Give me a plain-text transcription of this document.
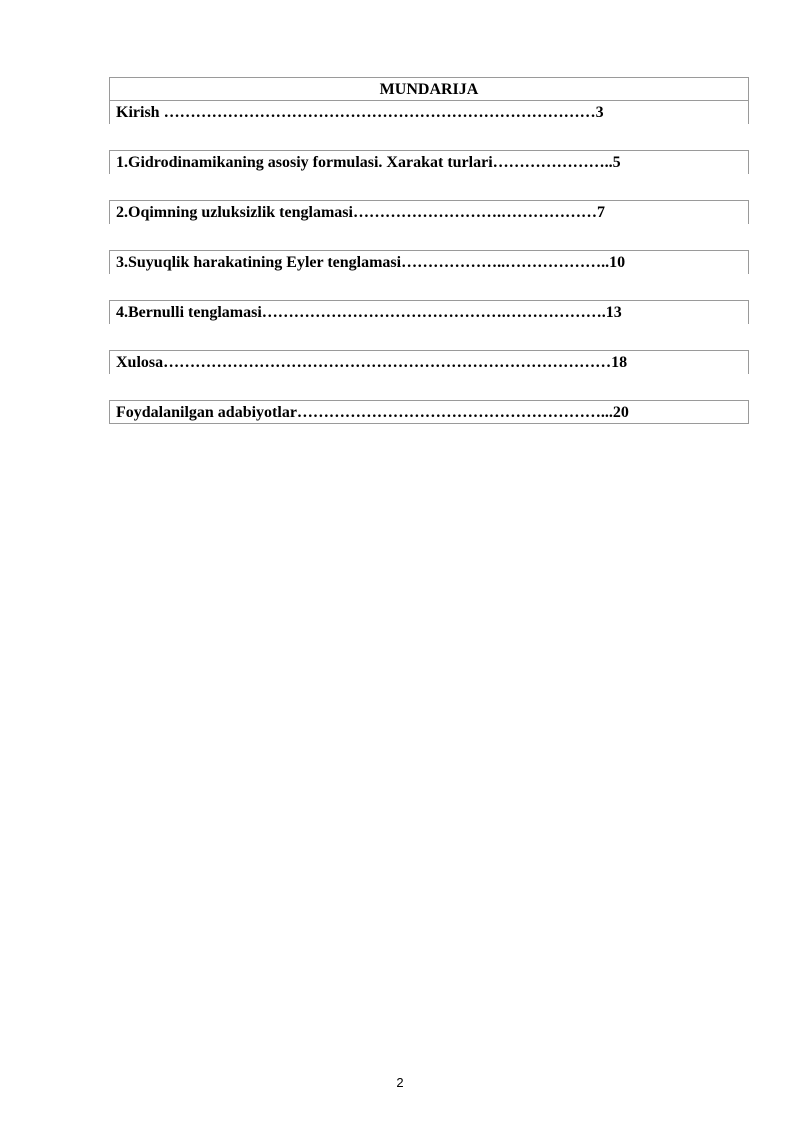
MUNDARIJA
Kirish ………………………………………………………………………3
1.Gidrodinamikaning asosiy formulasi. Xarakat turlari…………………..5
2.Oqimning uzluksizlik tenglamasi……………………….………………7
3.Suyuqlik harakatining Eyler tenglamasi………………..………………..10
4.Bernulli tenglamasi……………………………………….……………….13
Xulosa…………………………………………………………………………18
Foydalanilgan adabiyotlar…………………………………………………...20
2
